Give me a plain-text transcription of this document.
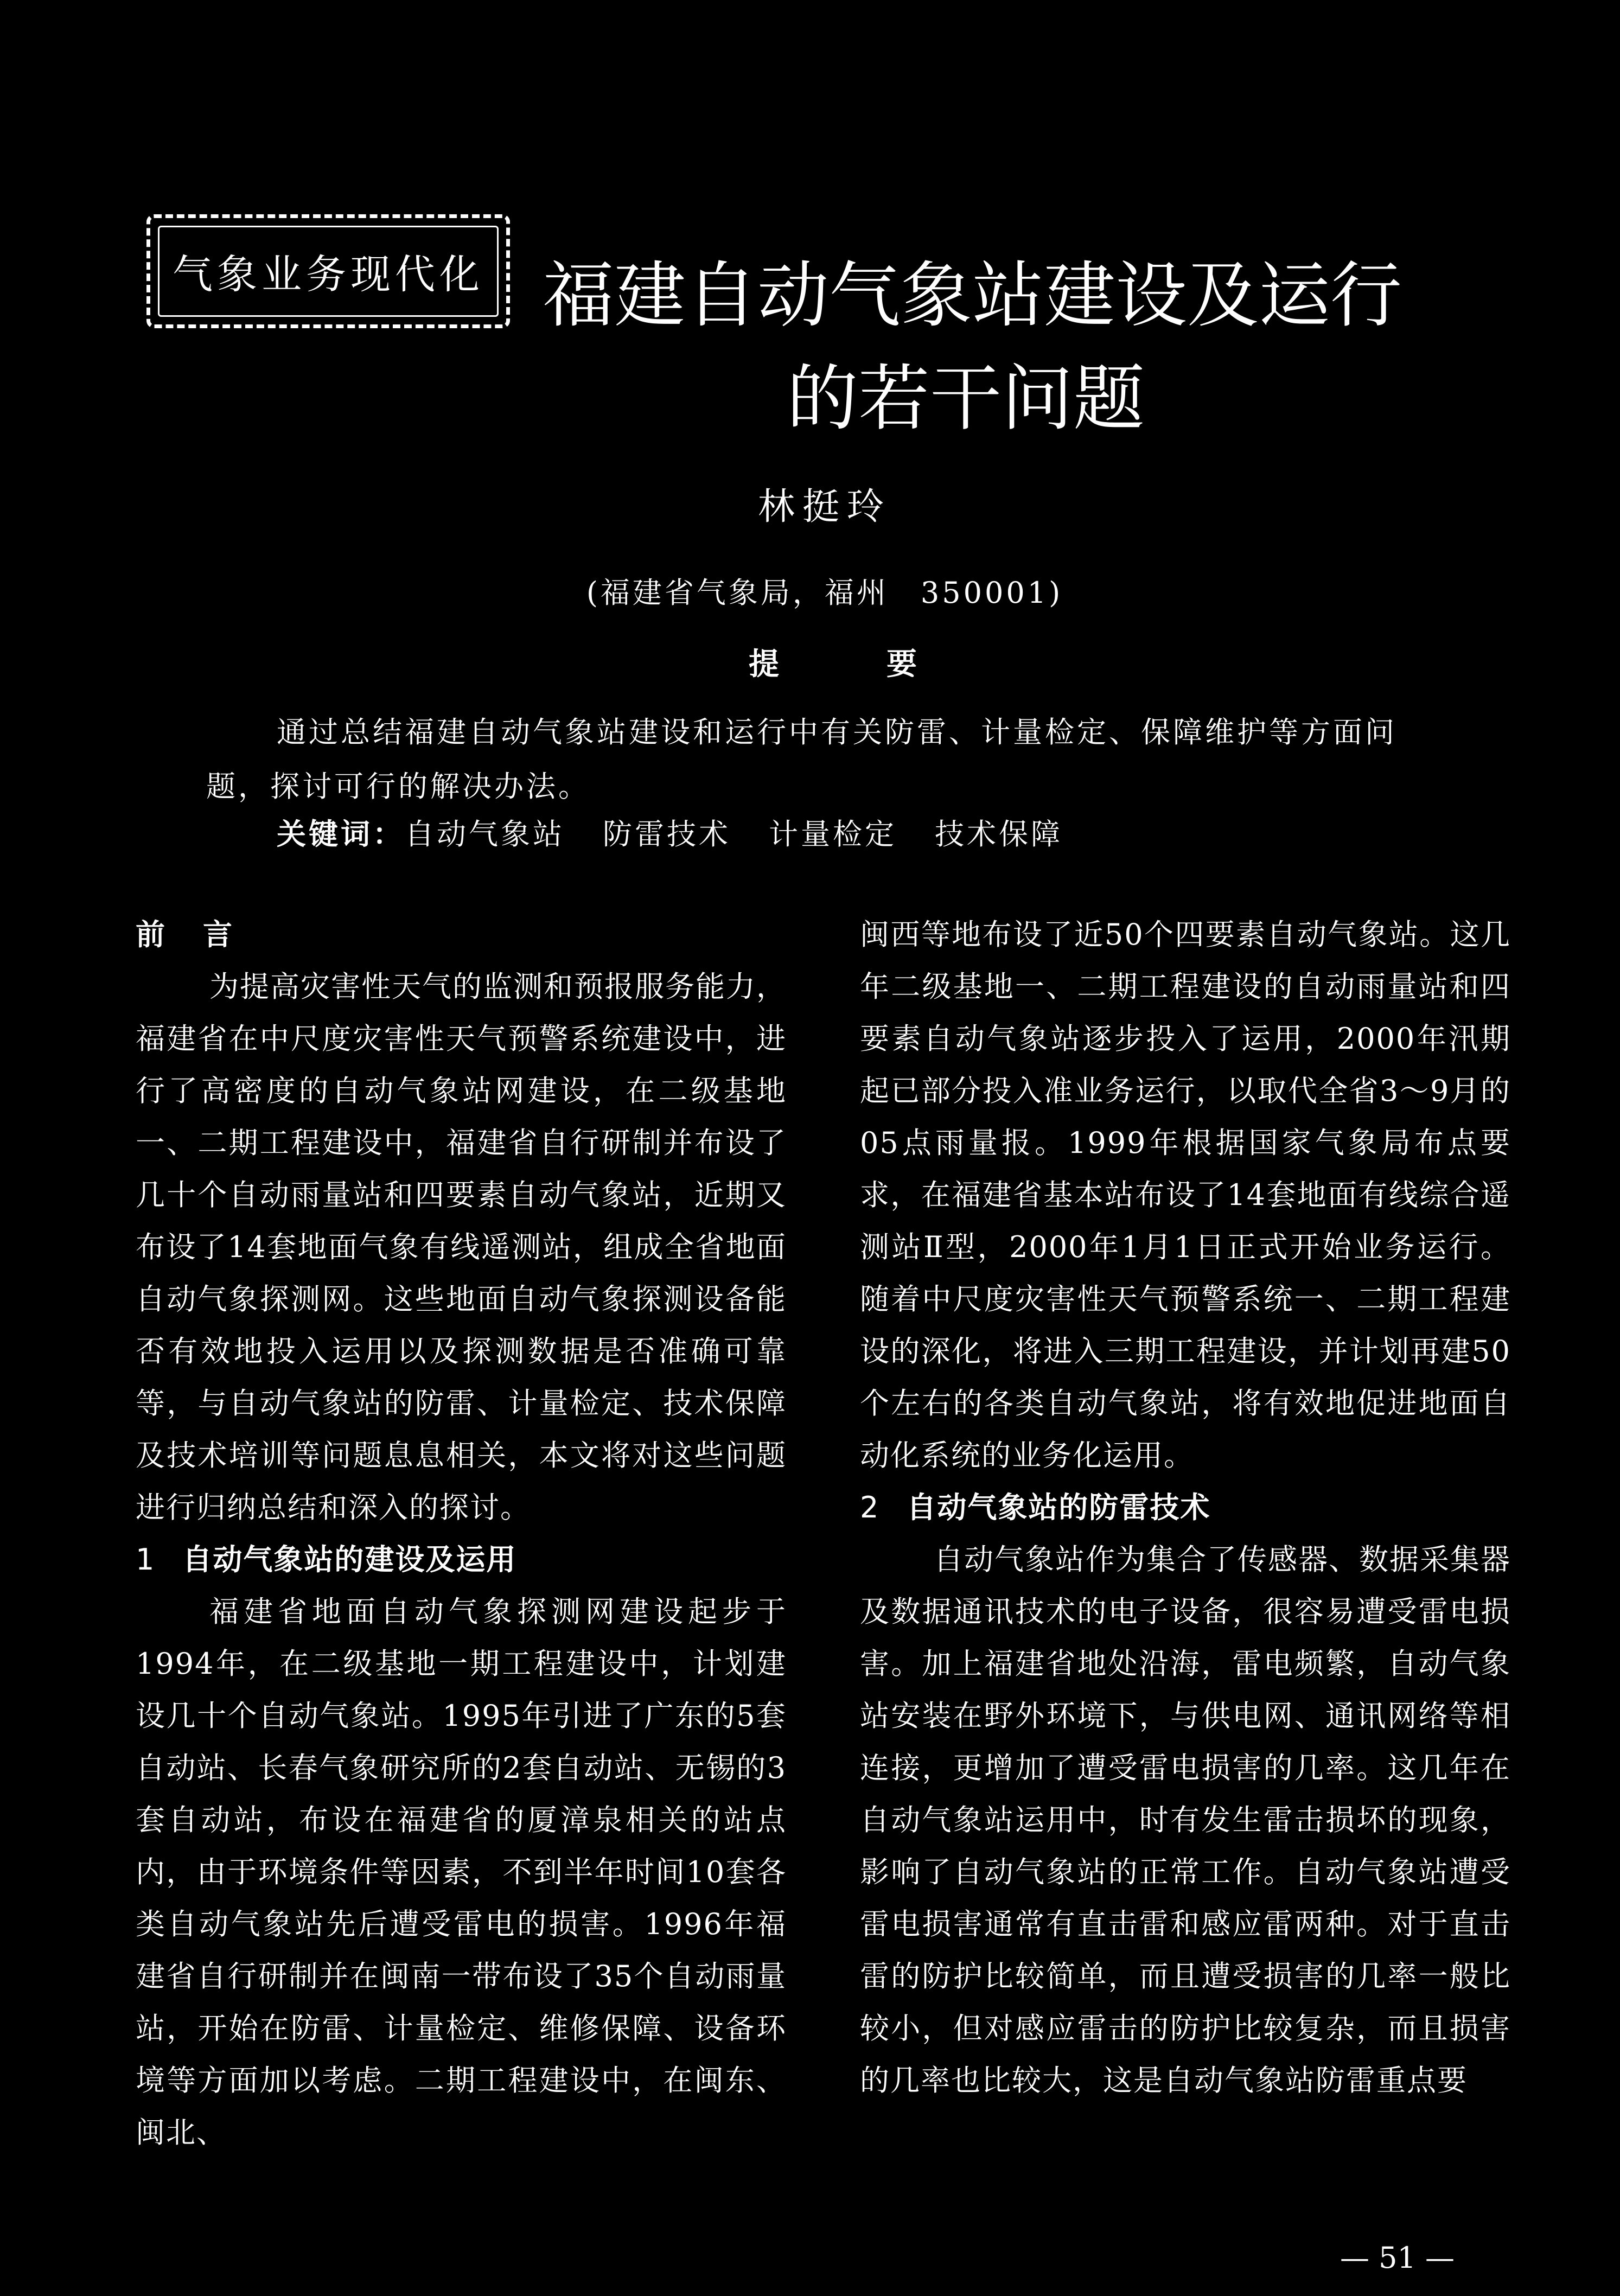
气象业务现代化 福建自动气象站建设及运行
的若干问题
林挺玲
(福建省气象局，福州　350001)
提	要

通过总结福建自动气象站建设和运行中有关防雷、计量检定、保障维护等方面问题，探讨可行的解决办法。

关键词：自动气象站 防雷技术 计量检定 技术保障
前言

为提高灾害性天气的监测和预报服务能力，福建省在中尺度灾害性天气预警系统建设中，进行了高密度的自动气象站网建设，在二级基地一、二期工程建设中，福建省自行研制并布设了几十个自动雨量站和四要素自动气象站，近期又布设了14套地面气象有线遥测站，组成全省地面自动气象探测网。这些地面自动气象探测设备能否有效地投入运用以及探测数据是否准确可靠等，与自动气象站的防雷、计量检定、技术保障及技术培训等问题息息相关，本文将对这些问题进行归纳总结和深入的探讨。

1 自动气象站的建设及运用

福建省地面自动气象探测网建设起步于1994年，在二级基地一期工程建设中，计划建设几十个自动气象站。1995年引进了广东的5套自动站、长春气象研究所的2套自动站、无锡的3套自动站，布设在福建省的厦漳泉相关的站点内，由于环境条件等因素，不到半年时间10套各类自动气象站先后遭受雷电的损害。1996年福建省自行研制并在闽南一带布设了35个自动雨量站，开始在防雷、计量检定、维修保障、设备环境等方面加以考虑。二期工程建设中，在闽东、闽北、

闽西等地布设了近50个四要素自动气象站。这几年二级基地一、二期工程建设的自动雨量站和四要素自动气象站逐步投入了运用，2000年汛期起已部分投入准业务运行，以取代全省3～9月的05点雨量报。1999年根据国家气象局布点要求，在福建省基本站布设了14套地面有线综合遥测站Ⅱ型，2000年1月1日正式开始业务运行。随着中尺度灾害性天气预警系统一、二期工程建设的深化，将进入三期工程建设，并计划再建50个左右的各类自动气象站，将有效地促进地面自动化系统的业务化运用。

2 自动气象站的防雷技术

自动气象站作为集合了传感器、数据采集器及数据通讯技术的电子设备，很容易遭受雷电损害。加上福建省地处沿海，雷电频繁，自动气象站安装在野外环境下，与供电网、通讯网络等相连接，更增加了遭受雷电损害的几率。这几年在自动气象站运用中，时有发生雷击损坏的现象，影响了自动气象站的正常工作。自动气象站遭受雷电损害通常有直击雷和感应雷两种。对于直击雷的防护比较简单，而且遭受损害的几率一般比较小，但对感应雷击的防护比较复杂，而且损害的几率也比较大，这是自动气象站防雷重点要

— 51 —
